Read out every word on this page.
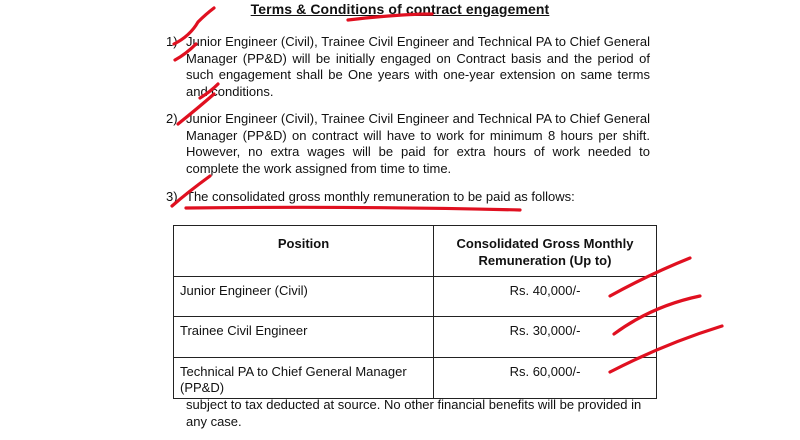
Terms & Conditions of contract engagement
1) Junior Engineer (Civil), Trainee Civil Engineer and Technical PA to Chief General Manager (PP&D) will be initially engaged on Contract basis and the period of such engagement shall be One years with one-year extension on same terms and conditions.
2) Junior Engineer (Civil), Trainee Civil Engineer and Technical PA to Chief General Manager (PP&D) on contract will have to work for minimum 8 hours per shift. However, no extra wages will be paid for extra hours of work needed to complete the work assigned from time to time.
3) The consolidated gross monthly remuneration to be paid as follows:
Position	Consolidated Gross Monthly Remuneration (Up to)
Junior Engineer (Civil)	Rs. 40,000/-
Trainee Civil Engineer	Rs. 30,000/-
Technical PA to Chief General Manager (PP&D)	Rs. 60,000/-
subject to tax deducted at source. No other financial benefits will be provided in any case.
